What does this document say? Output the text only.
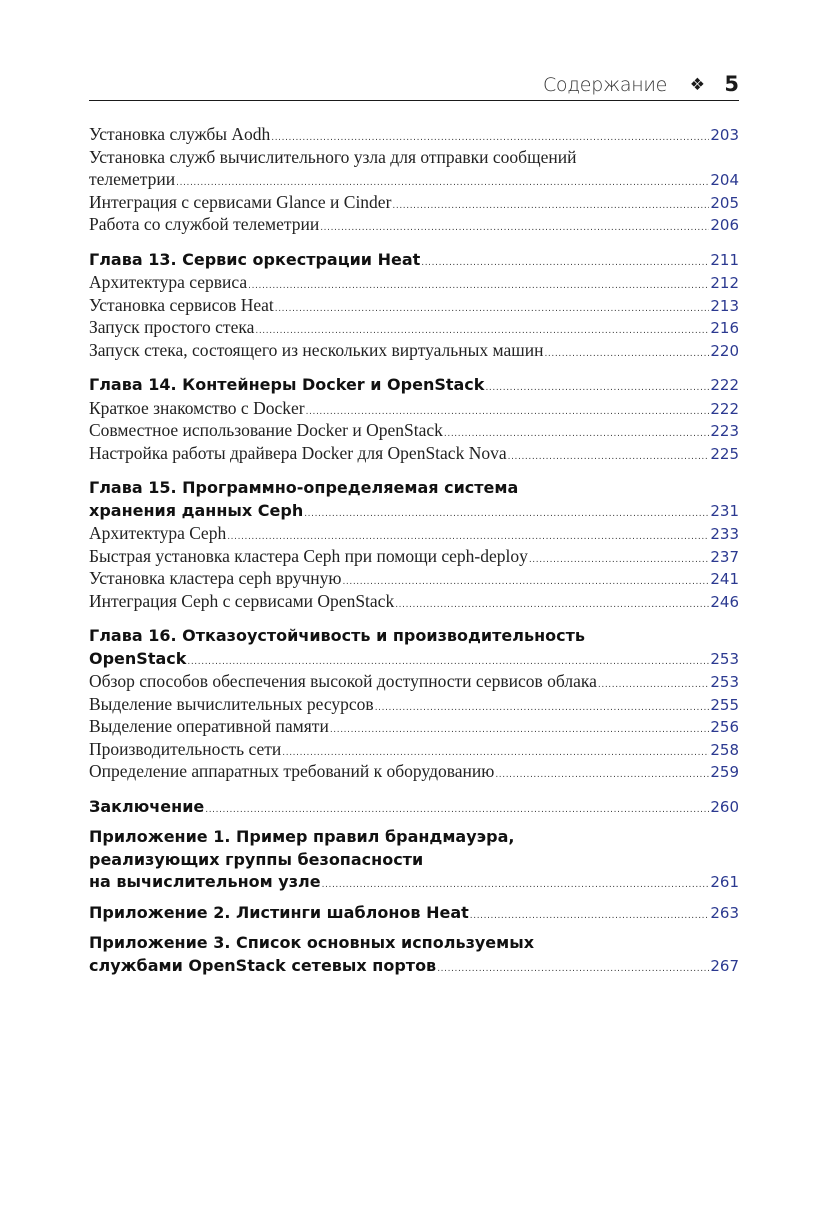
Содержание ❖ 5
Установка службы Aodh .....	203
Установка служб вычислительного узла для отправки сообщений
телеметрии .....	204
Интеграция с сервисами Glance и Cinder .....	205
Работа со службой телеметрии .....	206
Глава 13. Сервис оркестрации Heat .....	211
Архитектура сервиса .....	212
Установка сервисов Heat .....	213
Запуск простого стека .....	216
Запуск стека, состоящего из нескольких виртуальных машин .....	220
Глава 14. Контейнеры Docker и OpenStack .....	222
Краткое знакомство с Docker .....	222
Совместное использование Docker и OpenStack .....	223
Настройка работы драйвера Docker для OpenStack Nova .....	225
Глава 15. Программно-определяемая система
хранения данных Ceph .....	231
Архитектура Ceph .....	233
Быстрая установка кластера Ceph при помощи ceph-deploy .....	237
Установка кластера ceph вручную .....	241
Интеграция Ceph с сервисами OpenStack .....	246
Глава 16. Отказоустойчивость и производительность
OpenStack .....	253
Обзор способов обеспечения высокой доступности сервисов облака .....	253
Выделение вычислительных ресурсов .....	255
Выделение оперативной памяти .....	256
Производительность сети .....	258
Определение аппаратных требований к оборудованию .....	259
Заключение .....	260
Приложение 1. Пример правил брандмауэра,
реализующих группы безопасности
на вычислительном узле .....	261
Приложение 2. Листинги шаблонов Heat .....	263
Приложение 3. Список основных используемых
службами OpenStack сетевых портов .....	267
